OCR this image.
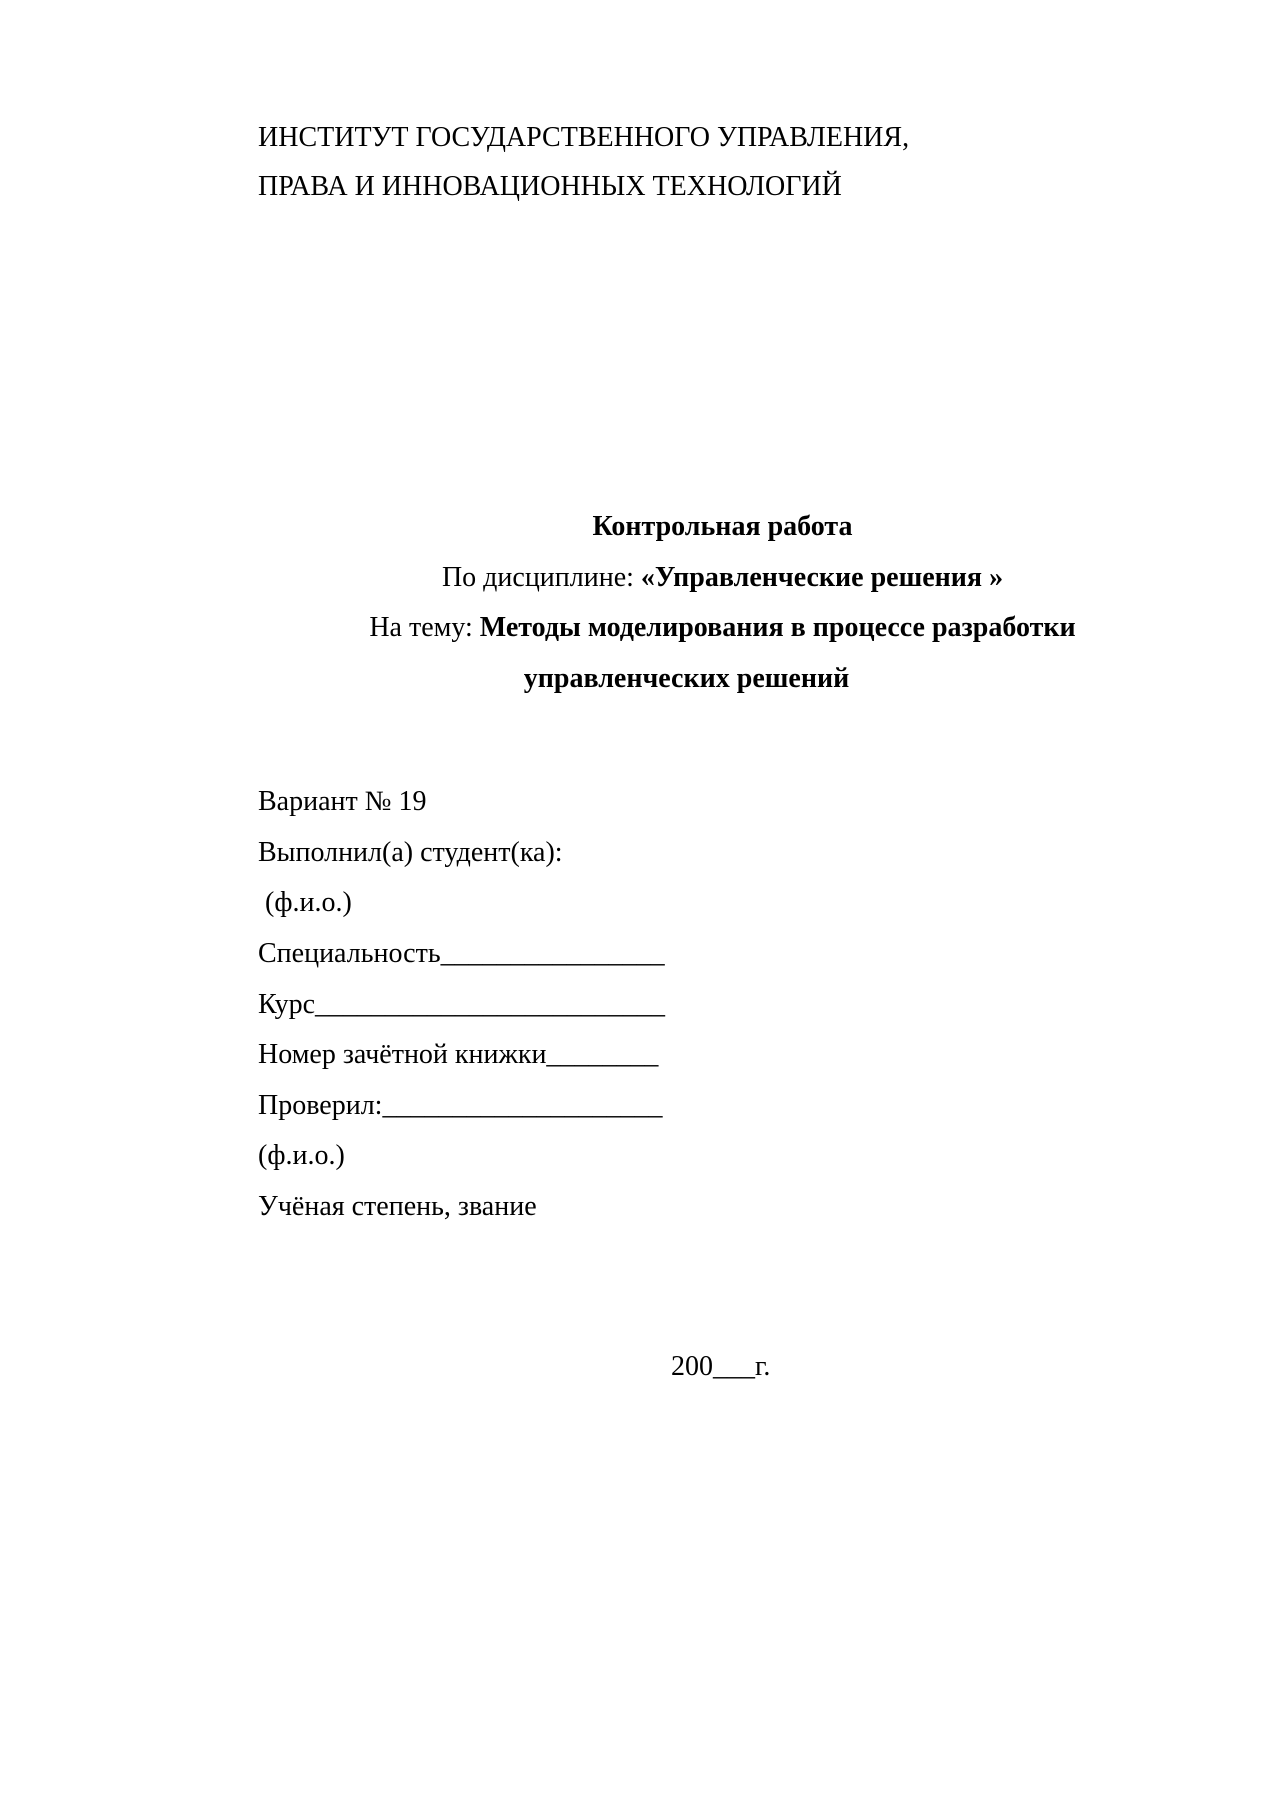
ИНСТИТУТ ГОСУДАРСТВЕННОГО УПРАВЛЕНИЯ,
ПРАВА И ИННОВАЦИОННЫХ ТЕХНОЛОГИЙ
Контрольная работа
По дисциплине: «Управленческие решения »
На тему: Методы моделирования в процессе разработки
управленческих решений
Вариант № 19
Выполнил(а) студент(ка):
(ф.и.о.)
Специальность________________
Курс_________________________
Номер зачётной книжки________
Проверил:____________________
(ф.и.о.)
Учёная степень, звание
200___г.
